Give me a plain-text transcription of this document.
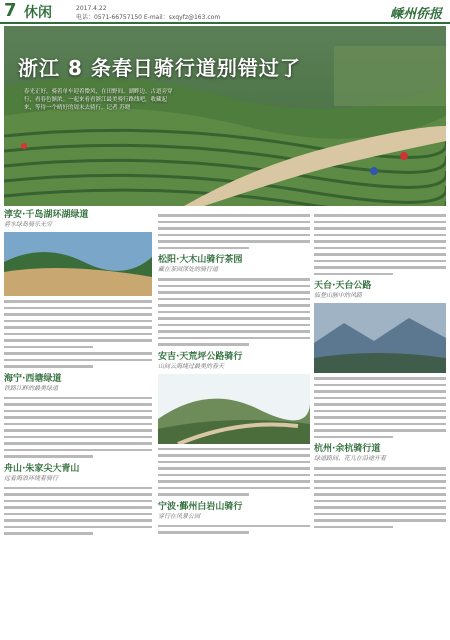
7 休闲	2017.4.22
电话：0571-66757150 E-mail：sxqyfz@163.com	嵊州侨报
浙江 8 条春日骑行道别错过了
春光正好，骑着单车迎着微风，在田野间、湖畔边、古道旁穿行，看春色渐浓。一起来看看浙江最美骑行路线吧，收藏起来，等待一个晴好的周末去骑行。记者 苏晓
淳安·千岛湖环湖绿道
碧水绿岛骑乐无穷
海宁·西塘绿道
铁路江畔的最美绿道
舟山·朱家尖大青山
远看海浪环绕着骑行
松阳·大木山骑行茶园
藏在茶园深处的骑行道
安吉·天荒坪公路骑行
山间云海绕过最美的春天
宁波·鄞州白岩山骑行
穿行在风景公园
天台·天台公路
临登山脉中的风路
杭州·余杭骑行道
绿道路间、花儿在沿途开着
